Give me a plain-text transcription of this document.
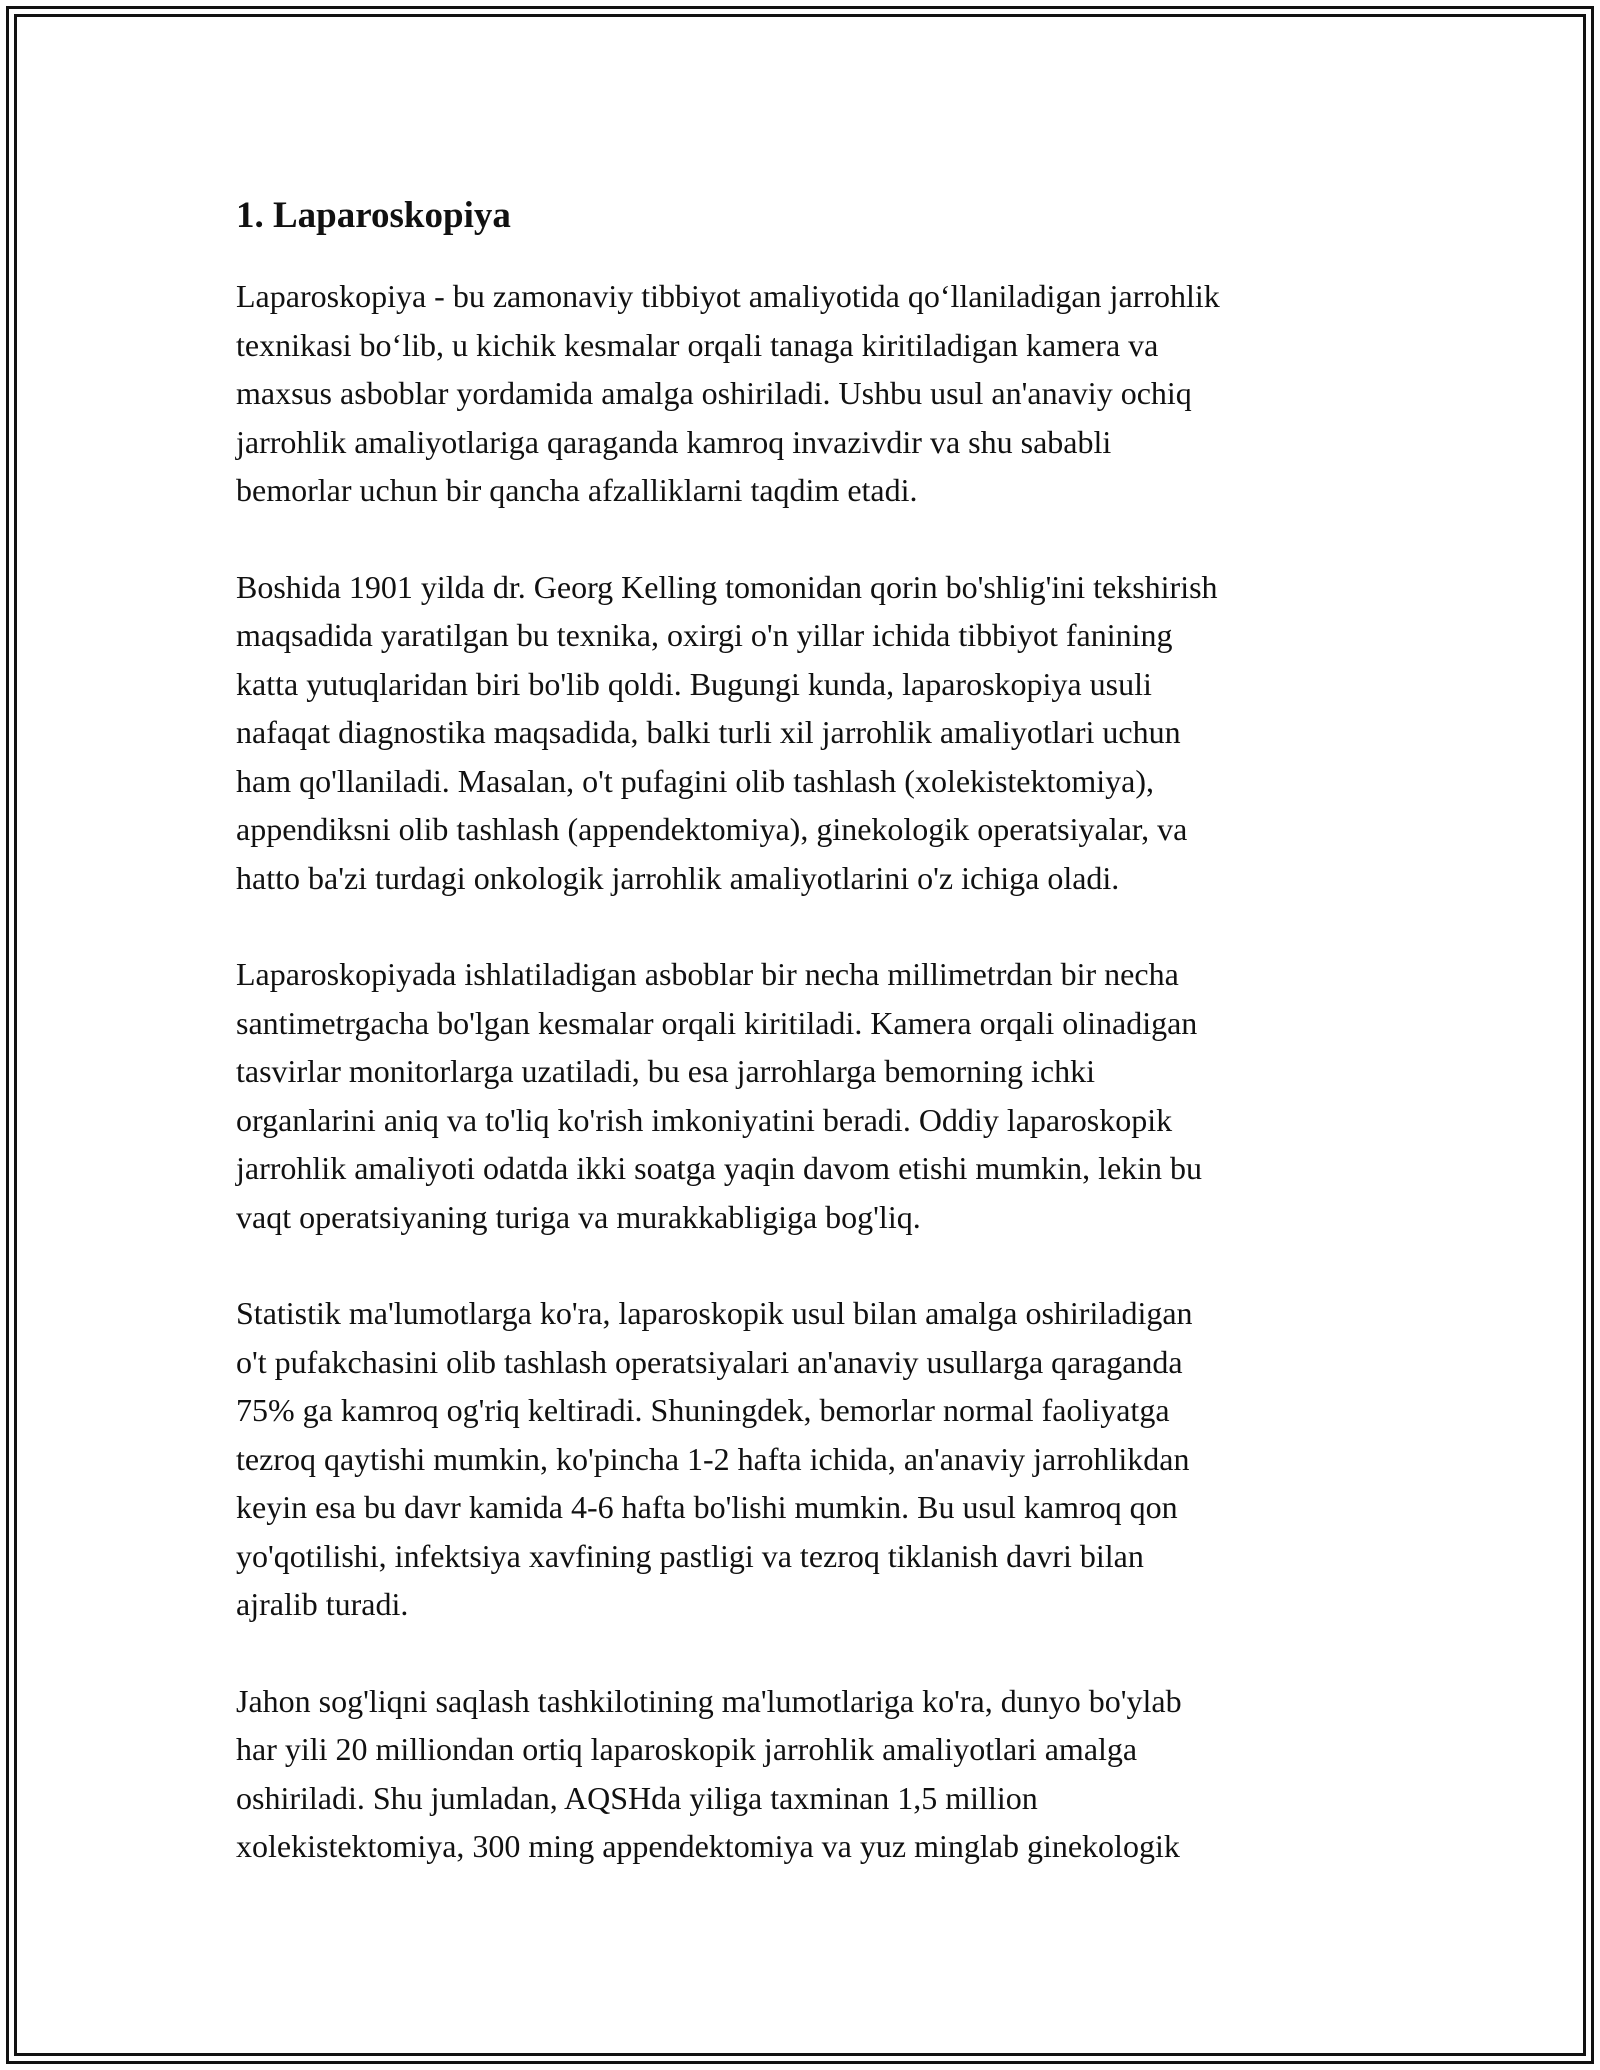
1. Laparoskopiya

Laparoskopiya - bu zamonaviy tibbiyot amaliyotida qo‘llaniladigan jarrohlik
texnikasi bo‘lib, u kichik kesmalar orqali tanaga kiritiladigan kamera va
maxsus asboblar yordamida amalga oshiriladi. Ushbu usul an'anaviy ochiq
jarrohlik amaliyotlariga qaraganda kamroq invazivdir va shu sababli
bemorlar uchun bir qancha afzalliklarni taqdim etadi.

Boshida 1901 yilda dr. Georg Kelling tomonidan qorin bo'shlig'ini tekshirish
maqsadida yaratilgan bu texnika, oxirgi o'n yillar ichida tibbiyot fanining
katta yutuqlaridan biri bo'lib qoldi. Bugungi kunda, laparoskopiya usuli
nafaqat diagnostika maqsadida, balki turli xil jarrohlik amaliyotlari uchun
ham qo'llaniladi. Masalan, o't pufagini olib tashlash (xolekistektomiya),
appendiksni olib tashlash (appendektomiya), ginekologik operatsiyalar, va
hatto ba'zi turdagi onkologik jarrohlik amaliyotlarini o'z ichiga oladi.

Laparoskopiyada ishlatiladigan asboblar bir necha millimetrdan bir necha
santimetrgacha bo'lgan kesmalar orqali kiritiladi. Kamera orqali olinadigan
tasvirlar monitorlarga uzatiladi, bu esa jarrohlarga bemorning ichki
organlarini aniq va to'liq ko'rish imkoniyatini beradi. Oddiy laparoskopik
jarrohlik amaliyoti odatda ikki soatga yaqin davom etishi mumkin, lekin bu
vaqt operatsiyaning turiga va murakkabligiga bog'liq.

Statistik ma'lumotlarga ko'ra, laparoskopik usul bilan amalga oshiriladigan
o't pufakchasini olib tashlash operatsiyalari an'anaviy usullarga qaraganda
75% ga kamroq og'riq keltiradi. Shuningdek, bemorlar normal faoliyatga
tezroq qaytishi mumkin, ko'pincha 1-2 hafta ichida, an'anaviy jarrohlikdan
keyin esa bu davr kamida 4-6 hafta bo'lishi mumkin. Bu usul kamroq qon
yo'qotilishi, infektsiya xavfining pastligi va tezroq tiklanish davri bilan
ajralib turadi.

Jahon sog'liqni saqlash tashkilotining ma'lumotlariga ko'ra, dunyo bo'ylab
har yili 20 milliondan ortiq laparoskopik jarrohlik amaliyotlari amalga
oshiriladi. Shu jumladan, AQSHda yiliga taxminan 1,5 million
xolekistektomiya, 300 ming appendektomiya va yuz minglab ginekologik
